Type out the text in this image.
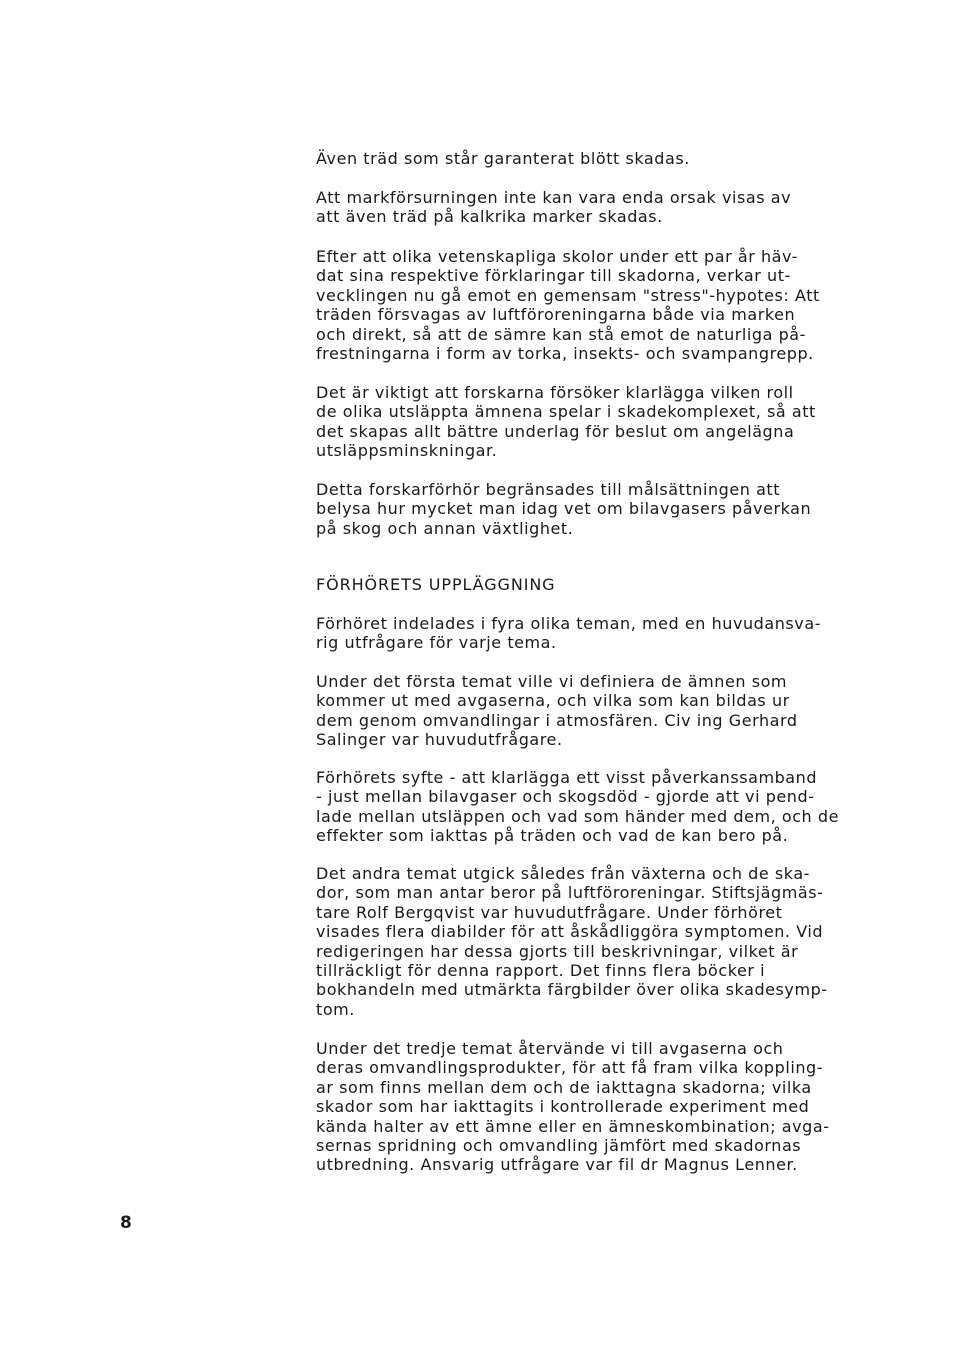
Även träd som står garanterat blött skadas.
Att markförsurningen inte kan vara enda orsak visas av
att även träd på kalkrika marker skadas.
Efter att olika vetenskapliga skolor under ett par år häv-
dat sina respektive förklaringar till skadorna, verkar ut-
vecklingen nu gå emot en gemensam "stress"-hypotes: Att
träden försvagas av luftföroreningarna både via marken
och direkt, så att de sämre kan stå emot de naturliga på-
frestningarna i form av torka, insekts- och svampangrepp.
Det är viktigt att forskarna försöker klarlägga vilken roll
de olika utsläppta ämnena spelar i skadekomplexet, så att
det skapas allt bättre underlag för beslut om angelägna
utsläppsminskningar.
Detta forskarförhör begränsades till målsättningen att
belysa hur mycket man idag vet om bilavgasers påverkan
på skog och annan växtlighet.
FÖRHÖRETS UPPLÄGGNING
Förhöret indelades i fyra olika teman, med en huvudansva-
rig utfrågare för varje tema.
Under det första temat ville vi definiera de ämnen som
kommer ut med avgaserna, och vilka som kan bildas ur
dem genom omvandlingar i atmosfären. Civ ing Gerhard
Salinger var huvudutfrågare.
Förhörets syfte - att klarlägga ett visst påverkanssamband
- just mellan bilavgaser och skogsdöd - gjorde att vi pend-
lade mellan utsläppen och vad som händer med dem, och de
effekter som iakttas på träden och vad de kan bero på.
Det andra temat utgick således från växterna och de ska-
dor, som man antar beror på luftföroreningar. Stiftsjägmäs-
tare Rolf Bergqvist var huvudutfrågare. Under förhöret
visades flera diabilder för att åskådliggöra symptomen. Vid
redigeringen har dessa gjorts till beskrivningar, vilket är
tillräckligt för denna rapport. Det finns flera böcker i
bokhandeln med utmärkta färgbilder över olika skadesymp-
tom.
Under det tredje temat återvände vi till avgaserna och
deras omvandlingsprodukter, för att få fram vilka koppling-
ar som finns mellan dem och de iakttagna skadorna; vilka
skador som har iakttagits i kontrollerade experiment med
kända halter av ett ämne eller en ämneskombination; avga-
sernas spridning och omvandling jämfört med skadornas
utbredning. Ansvarig utfrågare var fil dr Magnus Lenner.
8
